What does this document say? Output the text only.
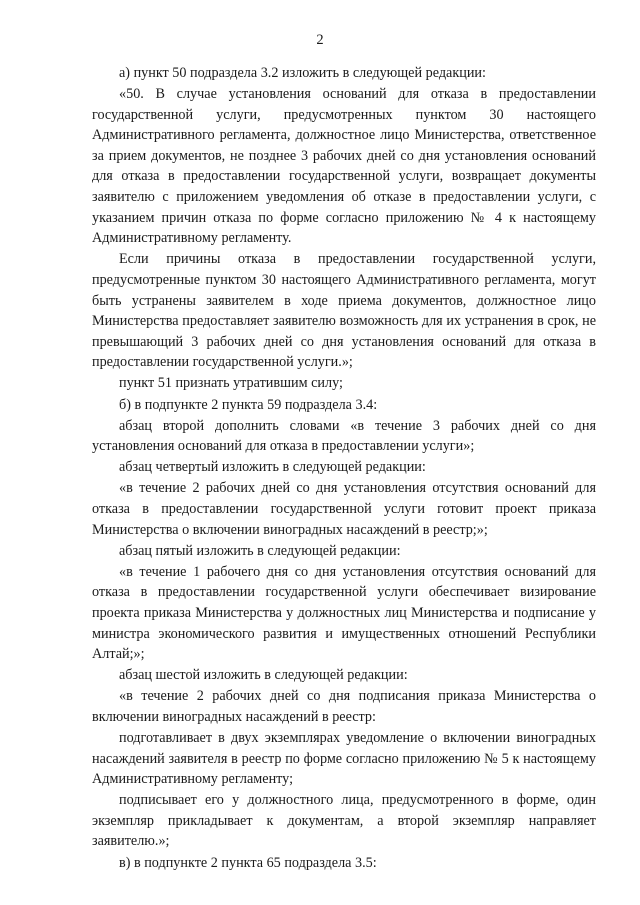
2

а) пункт 50 подраздела 3.2 изложить в следующей редакции:

«50. В случае установления оснований для отказа в предоставлении государственной услуги, предусмотренных пунктом 30 настоящего Административного регламента, должностное лицо Министерства, ответственное за прием документов, не позднее 3 рабочих дней со дня установления оснований для отказа в предоставлении государственной услуги, возвращает документы заявителю с приложением уведомления об отказе в предоставлении услуги, с указанием причин отказа по форме согласно приложению № 4 к настоящему Административному регламенту.

Если причины отказа в предоставлении государственной услуги, предусмотренные пунктом 30 настоящего Административного регламента, могут быть устранены заявителем в ходе приема документов, должностное лицо Министерства предоставляет заявителю возможность для их устранения в срок, не превышающий 3 рабочих дней со дня установления оснований для отказа в предоставлении государственной услуги.»;

пункт 51 признать утратившим силу;

б) в подпункте 2 пункта 59 подраздела 3.4:

абзац второй дополнить словами «в течение 3 рабочих дней со дня установления оснований для отказа в предоставлении услуги»;

абзац четвертый изложить в следующей редакции:

«в течение 2 рабочих дней со дня установления отсутствия оснований для отказа в предоставлении государственной услуги готовит проект приказа Министерства о включении виноградных насаждений в реестр;»;

абзац пятый изложить в следующей редакции:

«в течение 1 рабочего дня со дня установления отсутствия оснований для отказа в предоставлении государственной услуги обеспечивает визирование проекта приказа Министерства у должностных лиц Министерства и подписание у министра экономического развития и имущественных отношений Республики Алтай;»;

абзац шестой изложить в следующей редакции:

«в течение 2 рабочих дней со дня подписания приказа Министерства о включении виноградных насаждений в реестр:

подготавливает в двух экземплярах уведомление о включении виноградных насаждений заявителя в реестр по форме согласно приложению № 5 к настоящему Административному регламенту;

подписывает его у должностного лица, предусмотренного в форме, один экземпляр прикладывает к документам, а второй экземпляр направляет заявителю.»;

в) в подпункте 2 пункта 65 подраздела 3.5:
